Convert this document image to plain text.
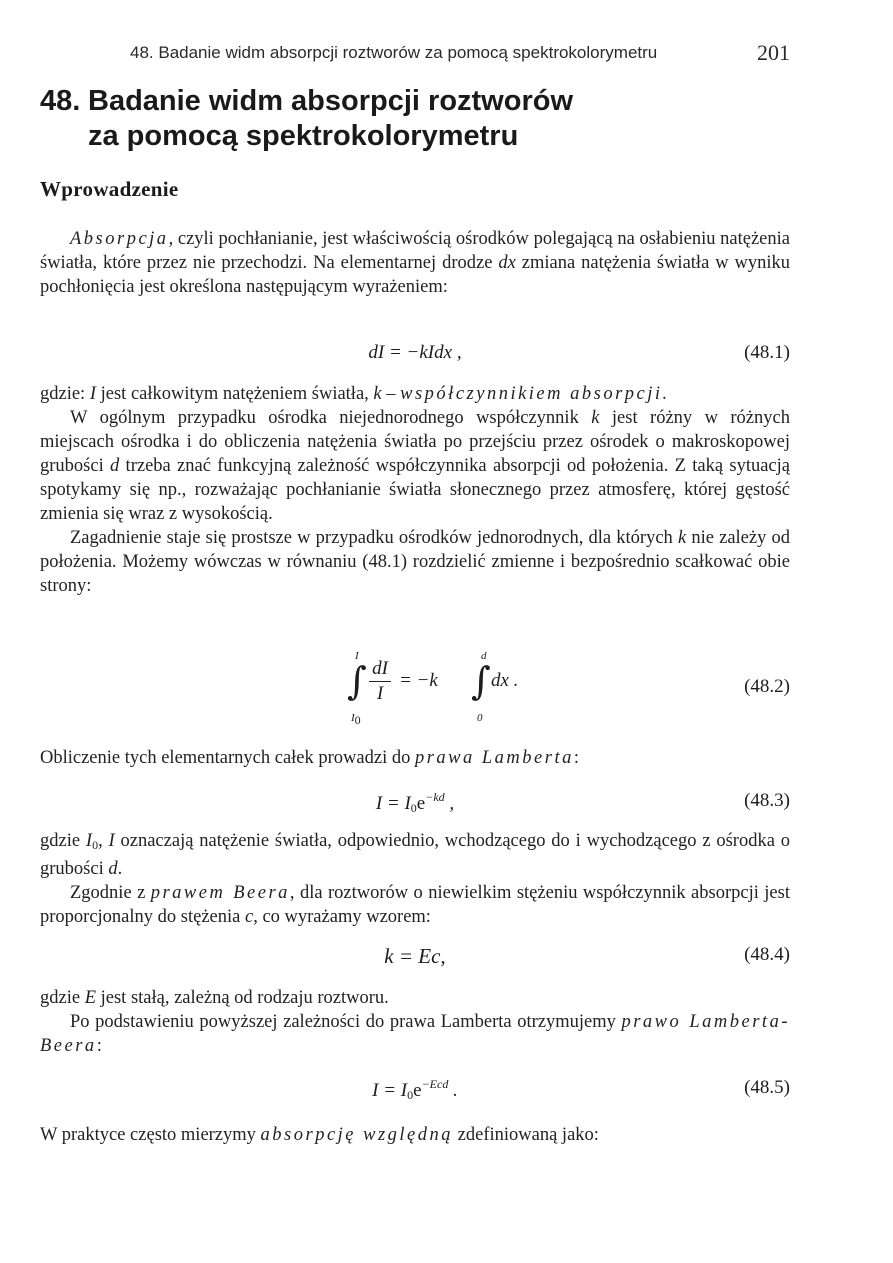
48. Badanie widm absorpcji roztworów za pomocą spektrokolorymetru	201
48. Badanie widm absorpcji roztworów
za pomocą spektrokolorymetru
Wprowadzenie

Absorpcja, czyli pochłanianie, jest właściwością ośrodków polegającą na osłabieniu natężenia światła, które przez nie przechodzi. Na elementarnej drodze dx zmiana natężenia światła w wyniku pochłonięcia jest określona następującym wyrażeniem:

dI = −kIdx ,	(48.1)

gdzie: I jest całkowitym natężeniem światła, k – współczynnikiem absorpcji.

W ogólnym przypadku ośrodka niejednorodnego współczynnik k jest różny w różnych miejscach ośrodka i do obliczenia natężenia światła po przejściu przez ośrodek o makroskopowej grubości d trzeba znać funkcyjną zależność współczynnika absorpcji od położenia. Z taką sytuacją spotykamy się np., rozważając pochłanianie światła słonecznego przez atmosferę, której gęstość zmienia się wraz z wysokością.

Zagadnienie staje się prostsze w przypadku ośrodków jednorodnych, dla których k nie zależy od położenia. Możemy wówczas w równaniu (48.1) rozdzielić zmienne i bezpośrednio scałkować obie strony:

I
∫
$I_0$
dI
I
= −k
d
∫
0
dx .	(48.2)

Obliczenie tych elementarnych całek prowadzi do prawa Lamberta:

$I = I_0e^{-kd}$ ,	(48.3)

gdzie $I_0$, I oznaczają natężenie światła, odpowiednio, wchodzącego do i wychodzącego z ośrodka o grubości d.

Zgodnie z prawem Beera, dla roztworów o niewielkim stężeniu współczynnik absorpcji jest proporcjonalny do stężenia c, co wyrażamy wzorem:

k = Ec,	(48.4)

gdzie E jest stałą, zależną od rodzaju roztworu.

Po podstawieniu powyższej zależności do prawa Lamberta otrzymujemy prawo Lamberta-Beera:

$I = I_0e^{-Ecd}$ .	(48.5)

W praktyce często mierzymy absorpcję względną zdefiniowaną jako:
